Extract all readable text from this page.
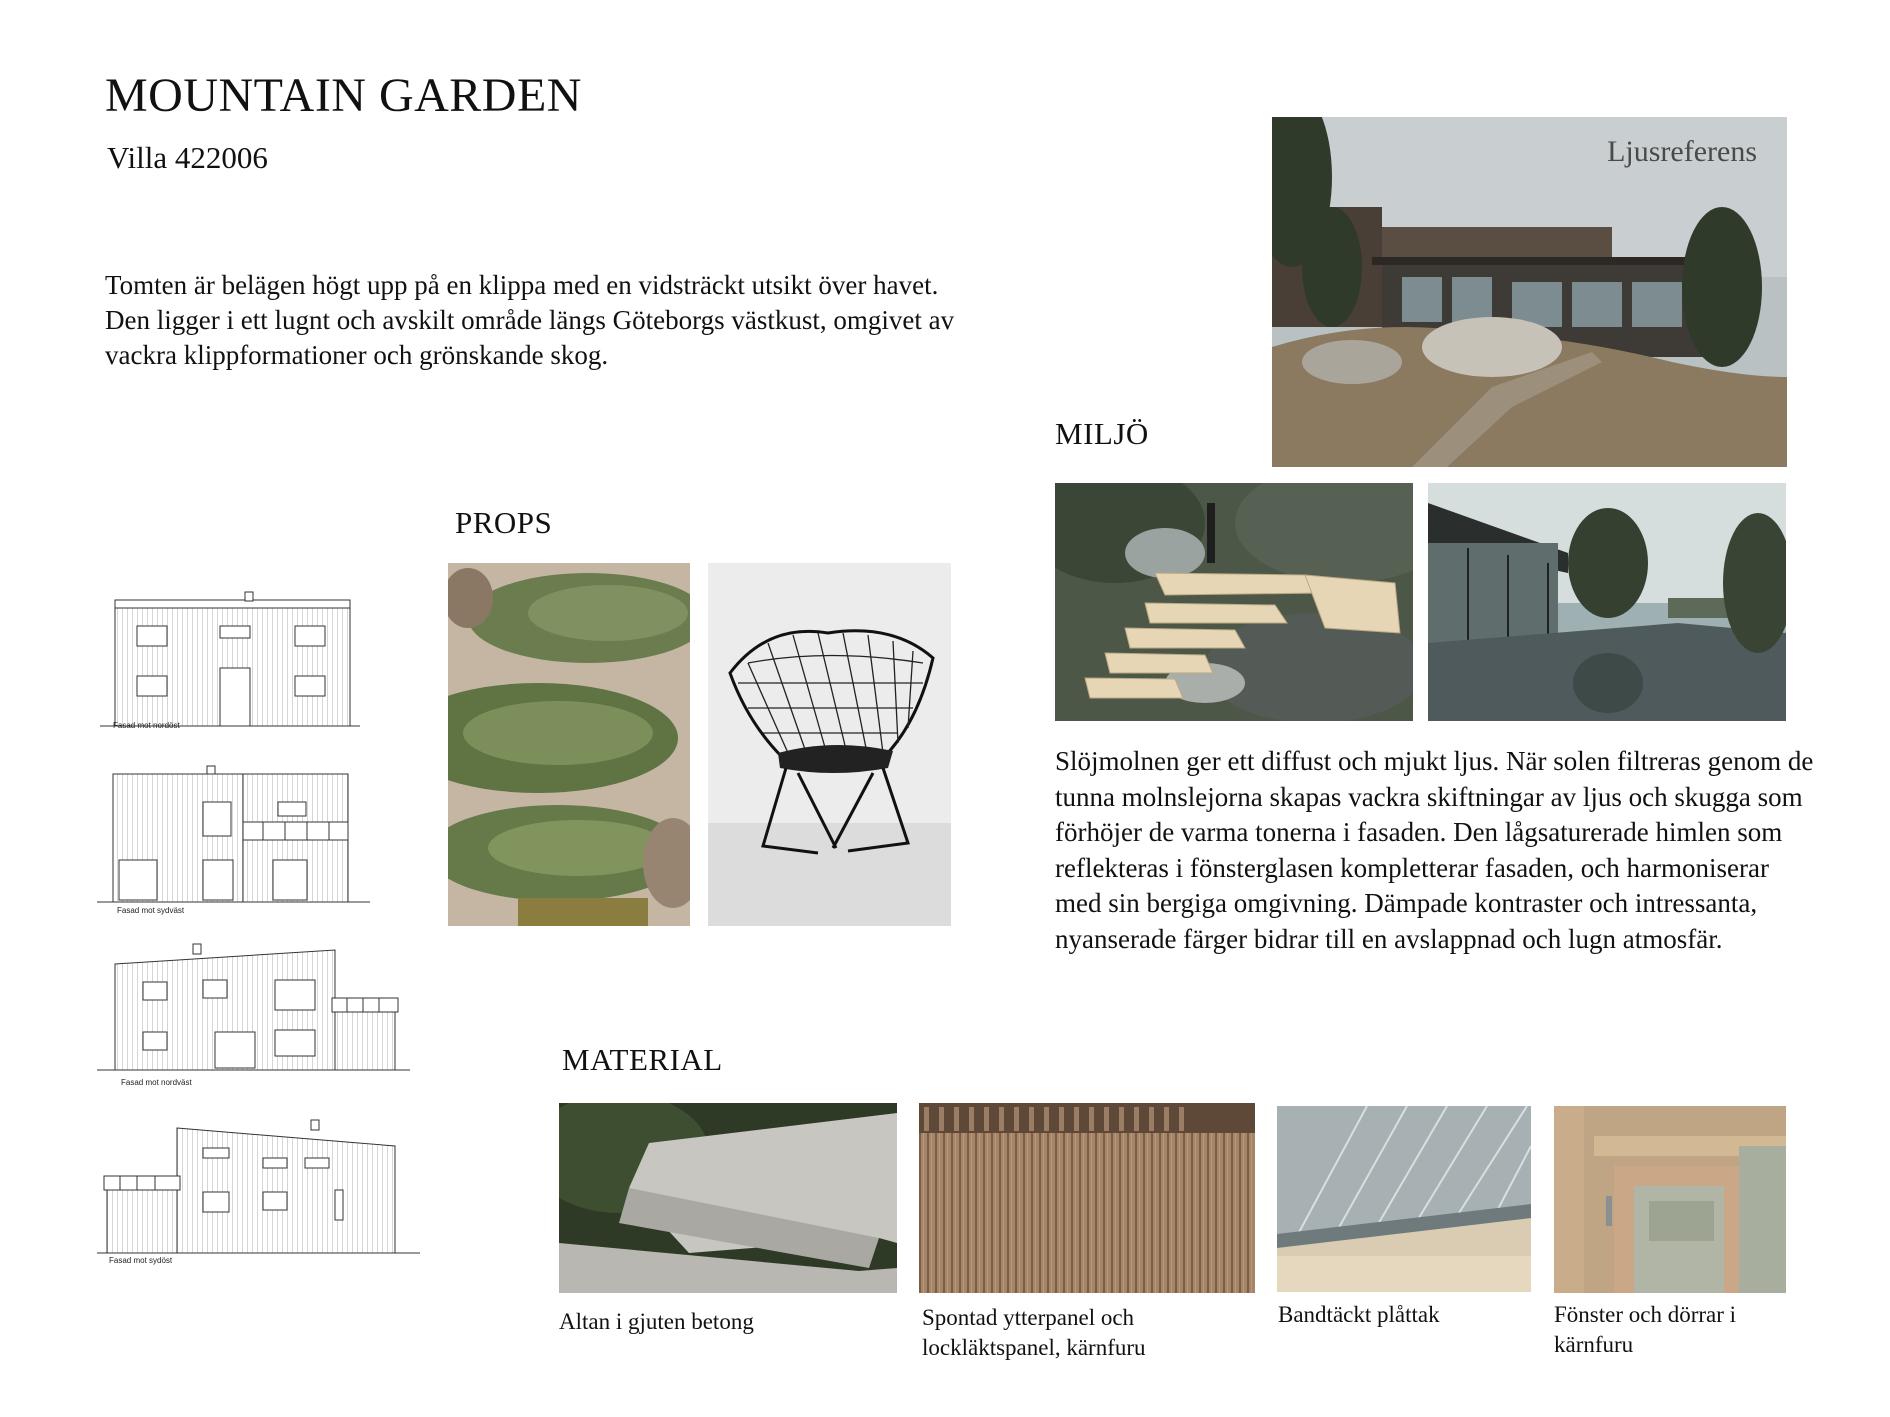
MOUNTAIN GARDEN
Villa 422006
Tomten är belägen högt upp på en klippa med en vidsträckt utsikt över havet. Den ligger i ett lugnt och avskilt område längs Göteborgs västkust, omgivet av vackra klippformationer och grönskande skog.
Fasad mot nordöst
Fasad mot sydväst
Fasad mot nordväst
Fasad mot sydöst
PROPS
MILJÖ
Ljusreferens
Slöjmolnen ger ett diffust och mjukt ljus. När solen filtreras genom de tunna molnslejorna skapas vackra skiftningar av ljus och skugga som förhöjer de varma tonerna i fasaden. Den lågsaturerade himlen som reflekteras i fönsterglasen kompletterar fasaden, och harmoniserar med sin bergiga omgivning. Dämpade kontraster och intressanta, nyanserade färger bidrar till en avslappnad och lugn atmosfär.
MATERIAL
Altan i gjuten betong	Spontad ytterpanel och lockläktspanel, kärnfuru
Bandtäckt plåttak	Fönster och dörrar i kärnfuru
